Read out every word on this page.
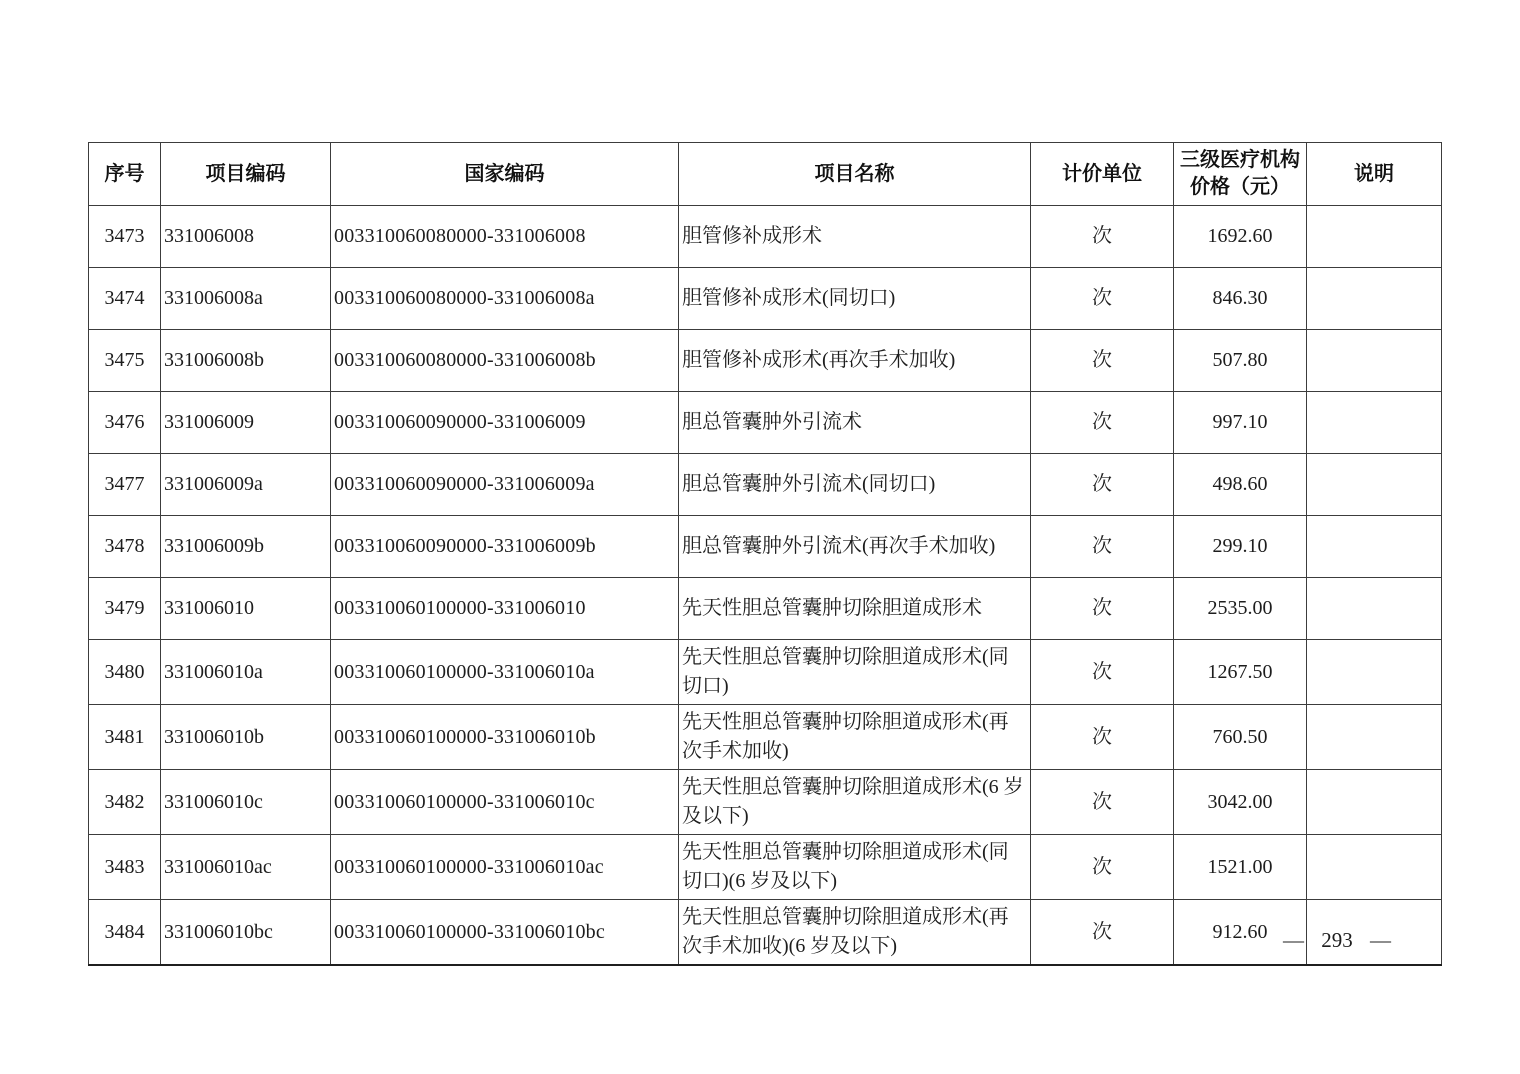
序号	项目编码	国家编码	项目名称	计价单位	三级医疗机构价格（元）	说明
3473	331006008	003310060080000-331006008	胆管修补成形术	次	1692.60	
3474	331006008a	003310060080000-331006008a	胆管修补成形术(同切口)	次	846.30	
3475	331006008b	003310060080000-331006008b	胆管修补成形术(再次手术加收)	次	507.80	
3476	331006009	003310060090000-331006009	胆总管囊肿外引流术	次	997.10	
3477	331006009a	003310060090000-331006009a	胆总管囊肿外引流术(同切口)	次	498.60	
3478	331006009b	003310060090000-331006009b	胆总管囊肿外引流术(再次手术加收)	次	299.10	
3479	331006010	003310060100000-331006010	先天性胆总管囊肿切除胆道成形术	次	2535.00	
3480	331006010a	003310060100000-331006010a	先天性胆总管囊肿切除胆道成形术(同切口)	次	1267.50	
3481	331006010b	003310060100000-331006010b	先天性胆总管囊肿切除胆道成形术(再次手术加收)	次	760.50	
3482	331006010c	003310060100000-331006010c	先天性胆总管囊肿切除胆道成形术(6 岁及以下)	次	3042.00	
3483	331006010ac	003310060100000-331006010ac	先天性胆总管囊肿切除胆道成形术(同切口)(6 岁及以下)	次	1521.00	
3484	331006010bc	003310060100000-331006010bc	先天性胆总管囊肿切除胆道成形术(再次手术加收)(6 岁及以下)	次	912.60	— 293 —
